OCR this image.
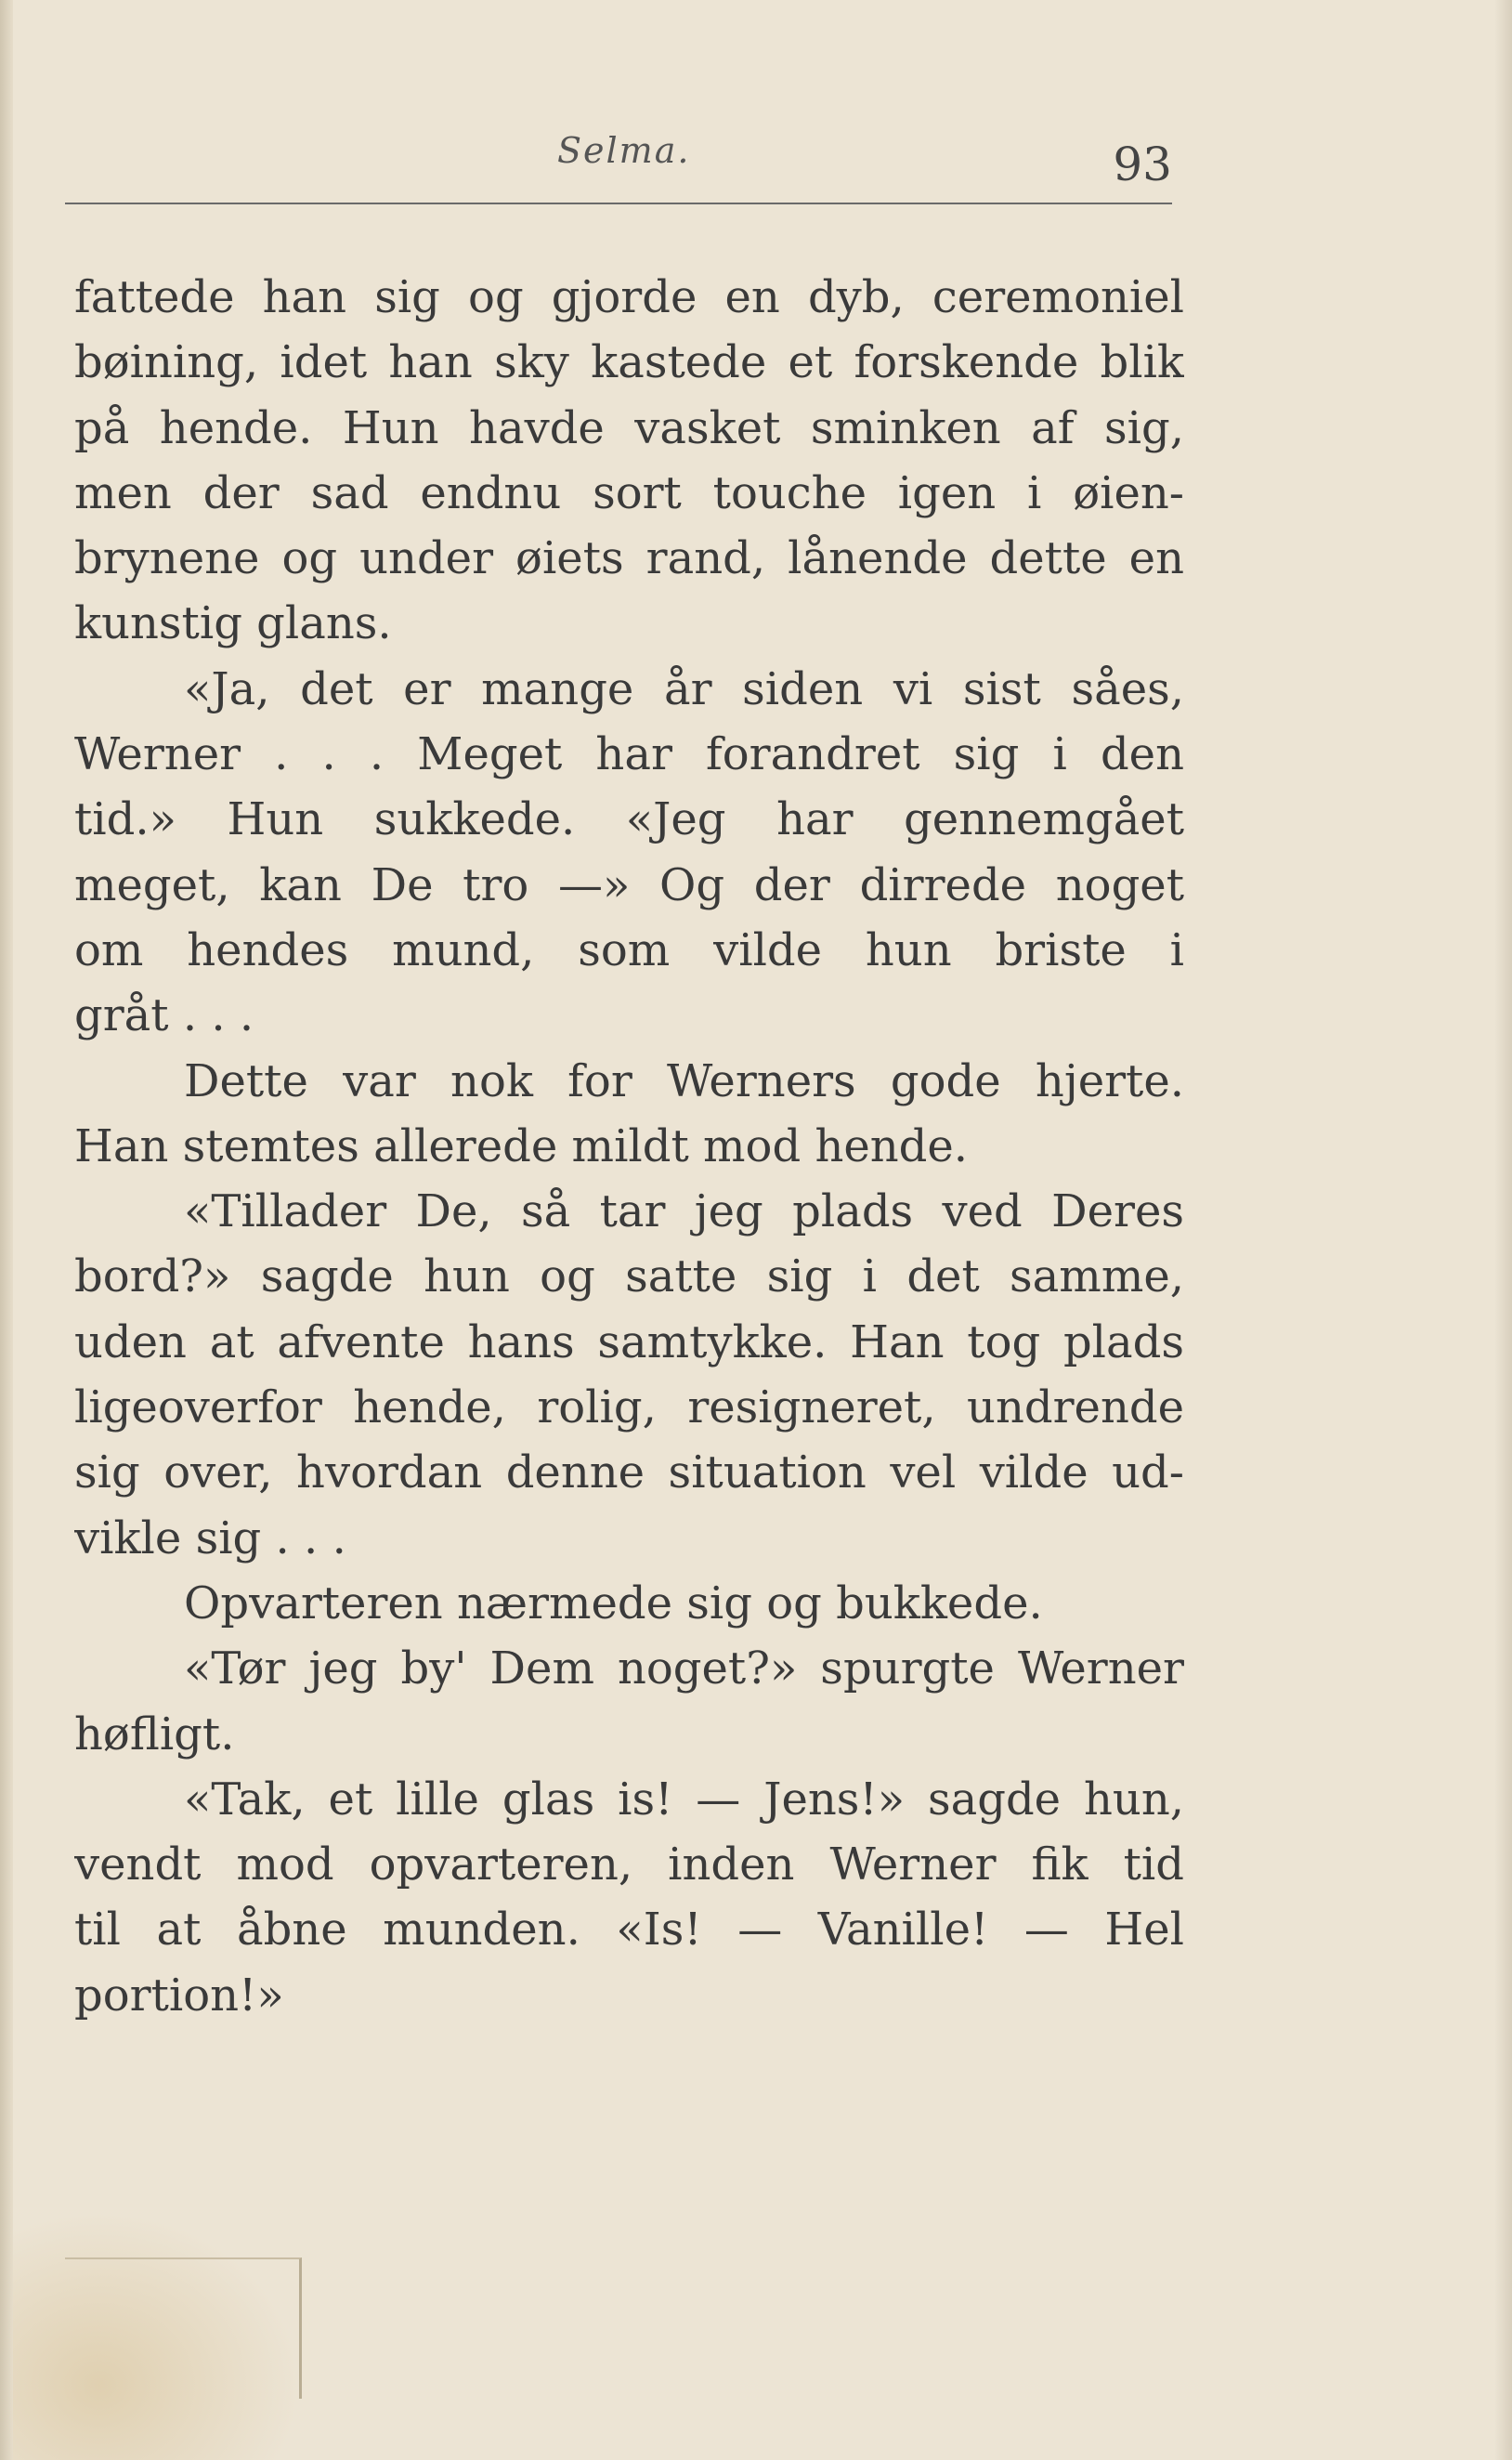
Selma.	93
fattede han sig og gjorde en dyb, ceremoniel
bøining, idet han sky kastede et forskende blik
på hende. Hun havde vasket sminken af sig,
men der sad endnu sort touche igen i øien-
brynene og under øiets rand, lånende dette en
kunstig glans.
«Ja, det er mange år siden vi sist såes,
Werner . . . Meget har forandret sig i den
tid.» Hun sukkede. «Jeg har gennemgået
meget, kan De tro —» Og der dirrede noget
om hendes mund, som vilde hun briste i
gråt . . .
Dette var nok for Werners gode hjerte.
Han stemtes allerede mildt mod hende.
«Tillader De, så tar jeg plads ved Deres
bord?» sagde hun og satte sig i det samme,
uden at afvente hans samtykke. Han tog plads
ligeoverfor hende, rolig, resigneret, undrende
sig over, hvordan denne situation vel vilde ud-
vikle sig . . .
Opvarteren nærmede sig og bukkede.
«Tør jeg by' Dem noget?» spurgte Werner
høfligt.
«Tak, et lille glas is! — Jens!» sagde hun,
vendt mod opvarteren, inden Werner fik tid
til at åbne munden. «Is! — Vanille! — Hel
portion!»
